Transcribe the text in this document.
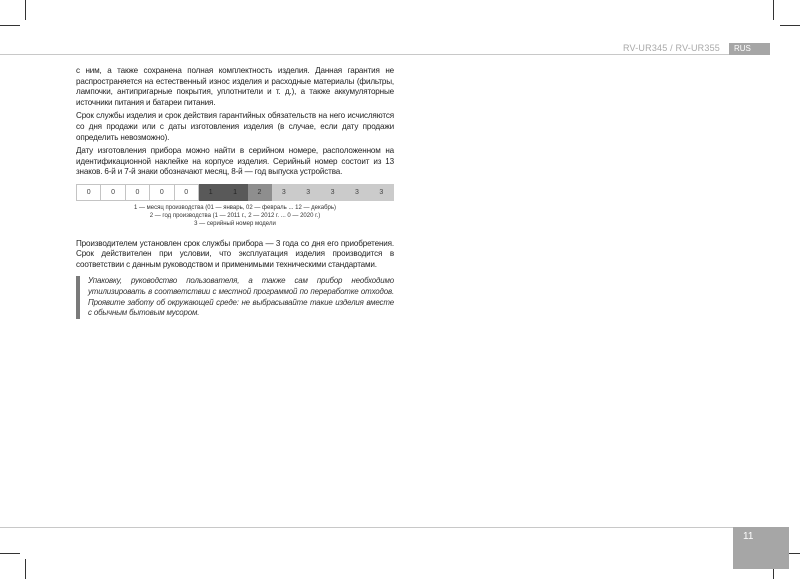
RV-UR345 / RV-UR355	RUS

с ним, а также сохранена полная комплектность изделия. Данная гарантия не распространяется на естественный износ изделия и расходные материалы (фильтры, лампочки, антипригарные покрытия, уплотнители и т. д.), а также аккумуляторные источники питания и батареи питания.

Срок службы изделия и срок действия гарантийных обязательств на него исчисляются со дня продажи или с даты изготовления изделия (в случае, если дату продажи определить невозможно).

Дату изготовления прибора можно найти в серийном номере, расположенном на идентификационной наклейке на корпусе изделия. Серийный номер состоит из 13 знаков. 6-й и 7-й знаки обозначают месяц, 8-й — год выпуска устройства.

0	0	0	0	0	1	1	2	3	3	3	3	3
1 — месяц производства (01 — январь, 02 — февраль ... 12 — декабрь)
2 — год производства (1 — 2011 г., 2 — 2012 г. ... 0 — 2020 г.)
3 — серийный номер модели

Производителем установлен срок службы прибора — 3 года со дня его приобретения. Срок действителен при условии, что эксплуатация изделия производится в соответствии с данным руководством и применимыми техническими стандартами.

Упаковку, руководство пользователя, а также сам прибор необходимо утилизировать в соответствии с местной программой по переработке отходов. Проявите заботу об окружающей среде: не выбрасывайте такие изделия вместе с обычным бытовым мусором.

11
